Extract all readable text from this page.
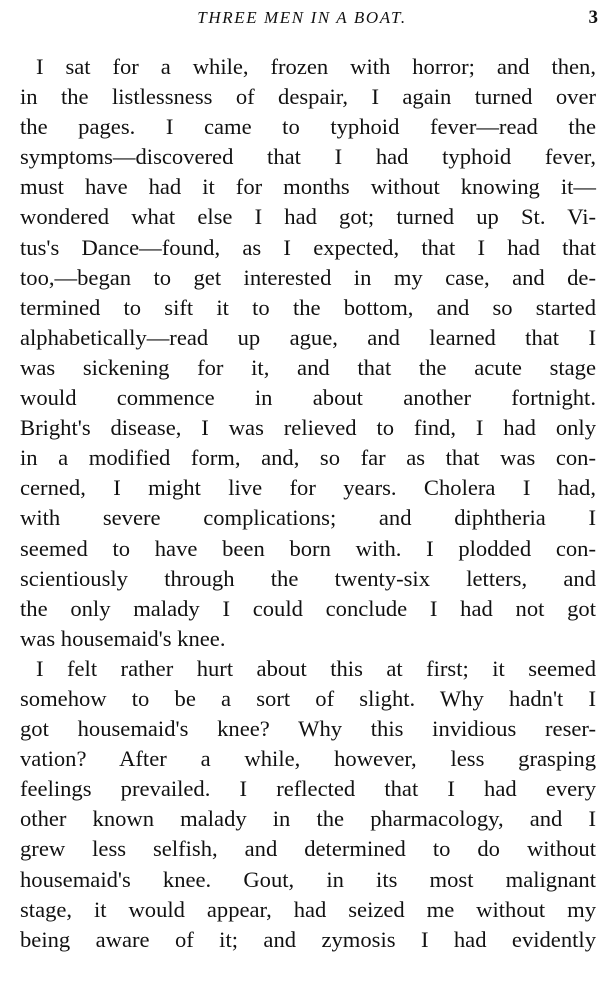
THREE MEN IN A BOAT.	3
I sat for a while, frozen with horror; and then,
in the listlessness of despair, I again turned over
the pages. I came to typhoid fever—read the
symptoms—discovered that I had typhoid fever,
must have had it for months without knowing it—
wondered what else I had got; turned up St. Vi-
tus's Dance—found, as I expected, that I had that
too,—began to get interested in my case, and de-
termined to sift it to the bottom, and so started
alphabetically—read up ague, and learned that I
was sickening for it, and that the acute stage
would commence in about another fortnight.
Bright's disease, I was relieved to find, I had only
in a modified form, and, so far as that was con-
cerned, I might live for years. Cholera I had,
with severe complications; and diphtheria I
seemed to have been born with. I plodded con-
scientiously through the twenty-six letters, and
the only malady I could conclude I had not got
was housemaid's knee.
I felt rather hurt about this at first; it seemed
somehow to be a sort of slight. Why hadn't I
got housemaid's knee? Why this invidious reser-
vation? After a while, however, less grasping
feelings prevailed. I reflected that I had every
other known malady in the pharmacology, and I
grew less selfish, and determined to do without
housemaid's knee. Gout, in its most malignant
stage, it would appear, had seized me without my
being aware of it; and zymosis I had evidently
